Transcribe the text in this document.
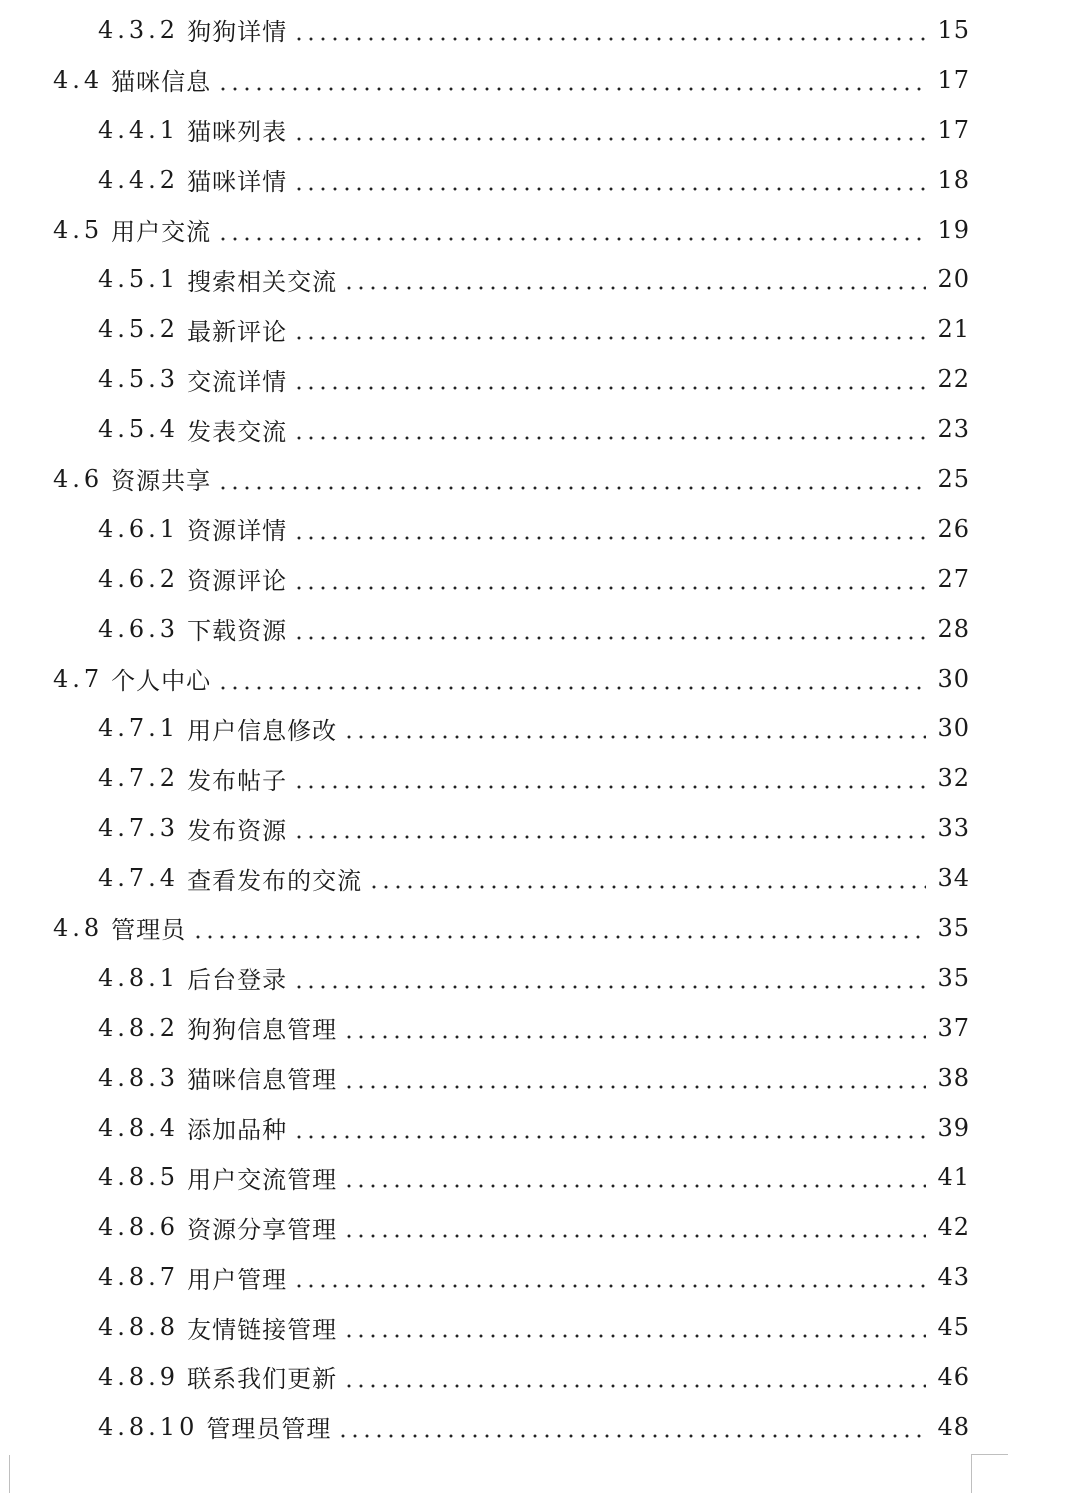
4.3.2 狗狗详情	15
4.4 猫咪信息	17
4.4.1 猫咪列表	17
4.4.2 猫咪详情	18
4.5 用户交流	19
4.5.1 搜索相关交流	20
4.5.2 最新评论	21
4.5.3 交流详情	22
4.5.4 发表交流	23
4.6 资源共享	25
4.6.1 资源详情	26
4.6.2 资源评论	27
4.6.3 下载资源	28
4.7 个人中心	30
4.7.1 用户信息修改	30
4.7.2 发布帖子	32
4.7.3 发布资源	33
4.7.4 查看发布的交流	34
4.8 管理员	35
4.8.1 后台登录	35
4.8.2 狗狗信息管理	37
4.8.3 猫咪信息管理	38
4.8.4 添加品种	39
4.8.5 用户交流管理	41
4.8.6 资源分享管理	42
4.8.7 用户管理	43
4.8.8 友情链接管理	45
4.8.9 联系我们更新	46
4.8.10 管理员管理	48
